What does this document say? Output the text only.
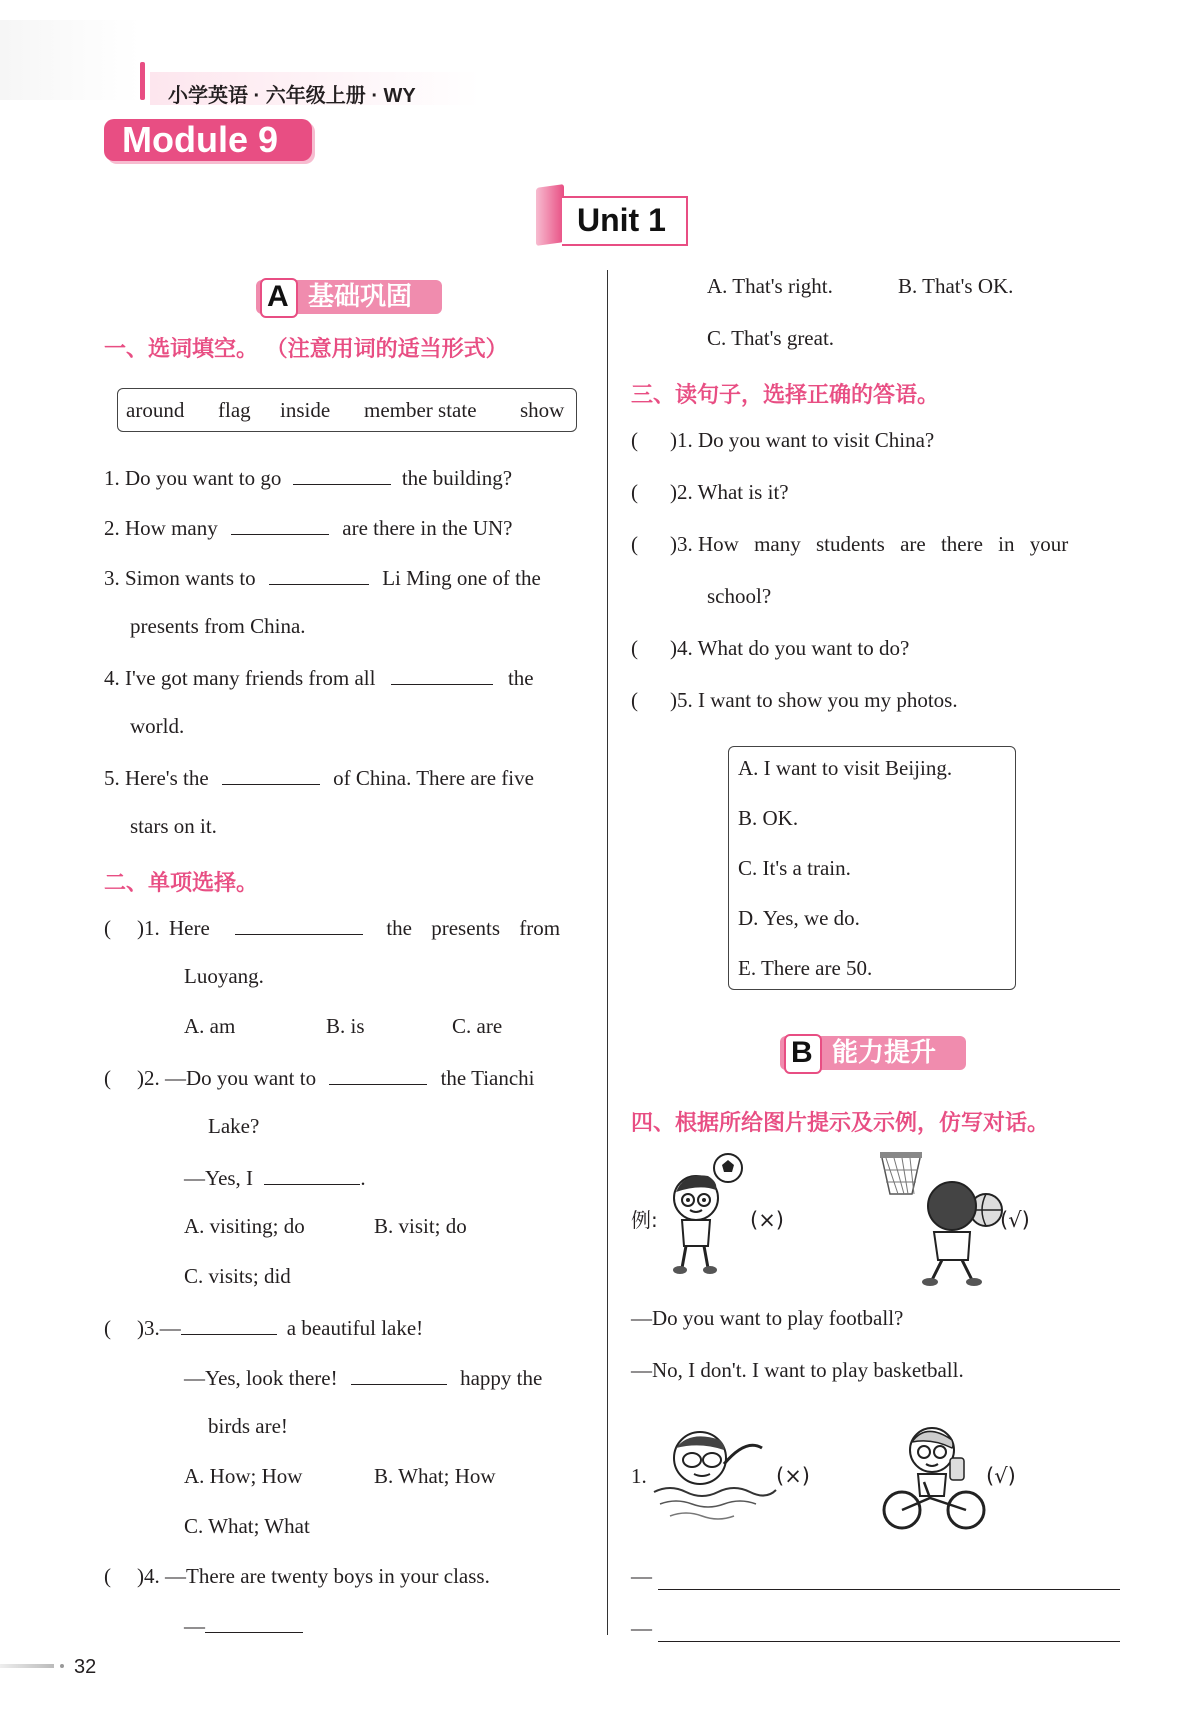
小学英语 · 六年级上册 · WY
Module 9
Unit 1
A 基础巩固
一、选词填空。 （注意用词的适当形式）
around flag inside member state show
1. Do you want to go	the building?
2. How many	are there in the UN?
3. Simon wants to	Li Ming one of the
presents from China.
4. I've got many friends from all	the
world.
5. Here's the	of China. There are five
stars on it.
二、单项选择。
( )1. Here	the presents from
Luoyang.
A. am	B. is	C. are
( )2. —Do you want to	the Tianchi
Lake?
—Yes, I	.
A. visiting; do	B. visit; do
C. visits; did
( )3.—	a beautiful lake!
—Yes, look there!	happy the
birds are!
A. How; How	B. What; How
C. What; What
( )4. —There are twenty boys in your class.
—
A. That's right.	B. That's OK.
C. That's great.
三、读句子，选择正确的答语。
( )1. Do you want to visit China?
( )2. What is it?
( )3. How many students are there in your
school?
( )4. What do you want to do?
( )5. I want to show you my photos.
A. I want to visit Beijing.
B. OK.
C. It's a train.
D. Yes, we do.
E. There are 50.
B 能力提升
四、根据所给图片提示及示例，仿写对话。
例:	(×)	(√)
—Do you want to play football?
—No, I don't. I want to play basketball.
1.	(×)	(√)
—
—
32
